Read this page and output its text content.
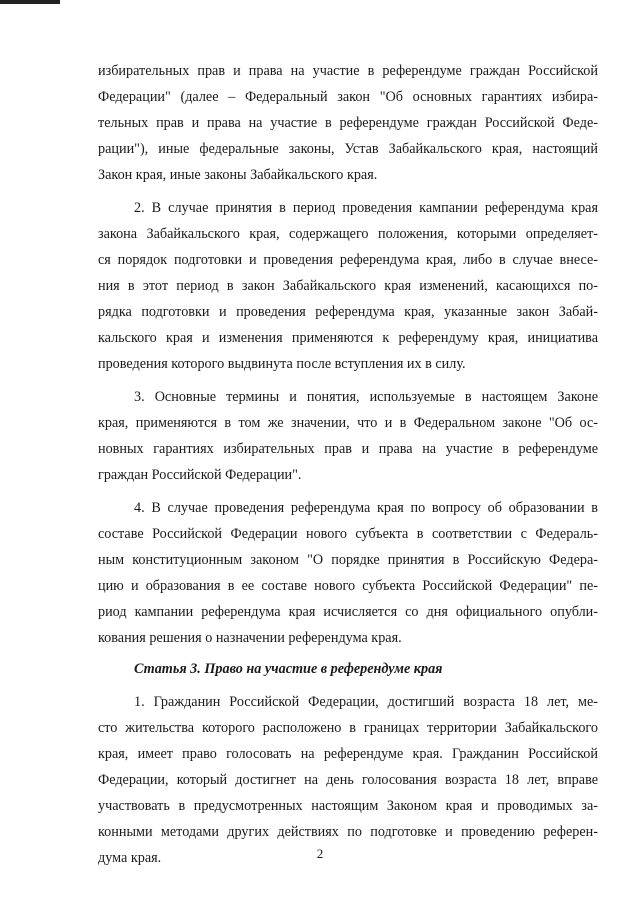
избирательных прав и права на участие в референдуме граждан Российской
Федерации" (далее – Федеральный закон "Об основных гарантиях избира-
тельных прав и права на участие в референдуме граждан Российской Феде-
рации"), иные федеральные законы, Устав Забайкальского края, настоящий
Закон края, иные законы Забайкальского края.
2. В случае принятия в период проведения кампании референдума края
закона Забайкальского края, содержащего положения, которыми определяет-
ся порядок подготовки и проведения референдума края, либо в случае внесе-
ния в этот период в закон Забайкальского края изменений, касающихся по-
рядка подготовки и проведения референдума края, указанные закон Забай-
кальского края и изменения применяются к референдуму края, инициатива
проведения которого выдвинута после вступления их в силу.
3. Основные термины и понятия, используемые в настоящем Законе
края, применяются в том же значении, что и в Федеральном законе "Об ос-
новных гарантиях избирательных прав и права на участие в референдуме
граждан Российской Федерации".
4. В случае проведения референдума края по вопросу об образовании в
составе Российской Федерации нового субъекта в соответствии с Федераль-
ным конституционным законом "О порядке принятия в Российскую Федера-
цию и образования в ее составе нового субъекта Российской Федерации" пе-
риод кампании референдума края исчисляется со дня официального опубли-
кования решения о назначении референдума края.
Статья 3. Право на участие в референдуме края
1. Гражданин Российской Федерации, достигший возраста 18 лет, ме-
сто жительства которого расположено в границах территории Забайкальского
края, имеет право голосовать на референдуме края. Гражданин Российской
Федерации, который достигнет на день голосования возраста 18 лет, вправе
участвовать в предусмотренных настоящим Законом края и проводимых за-
конными методами других действиях по подготовке и проведению референ-
дума края.	2
